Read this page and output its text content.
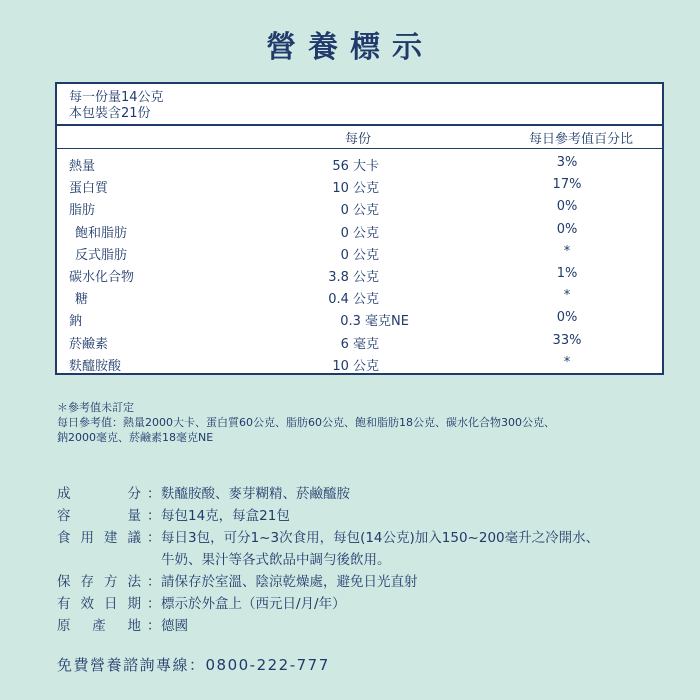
營養標示
每一份量14公克
本包裝含21份
每份	每日參考值百分比
熱量	56 大卡	3%
蛋白質	10 公克	17%
脂肪	0 公克	0%
飽和脂肪	0 公克	0%
反式脂肪	0 公克	*
碳水化合物	3.8 公克	1%
糖	0.4 公克	*
鈉	0.3 毫克NE	0%
菸鹼素	6 毫克	33%
麩醯胺酸	10 公克	*
＊參考值未訂定
每日參考值：熱量2000大卡、蛋白質60公克、脂肪60公克、飽和脂肪18公克、碳水化合物300公克、
鈉2000毫克、菸鹼素18毫克NE
成分 ： 麩醯胺酸、麥芽糊精、菸鹼醯胺
容量 ： 每包14克，每盒21包
食用建議 ： 每日3包，可分1~3次食用，每包(14公克)加入150~200毫升之冷開水、
牛奶、果汁等各式飲品中調勻後飲用。
保存方法 ： 請保存於室溫、陰涼乾燥處，避免日光直射
有效日期 ： 標示於外盒上（西元日/月/年）
原產地 ： 德國
免費營養諮詢專線：0800-222-777
